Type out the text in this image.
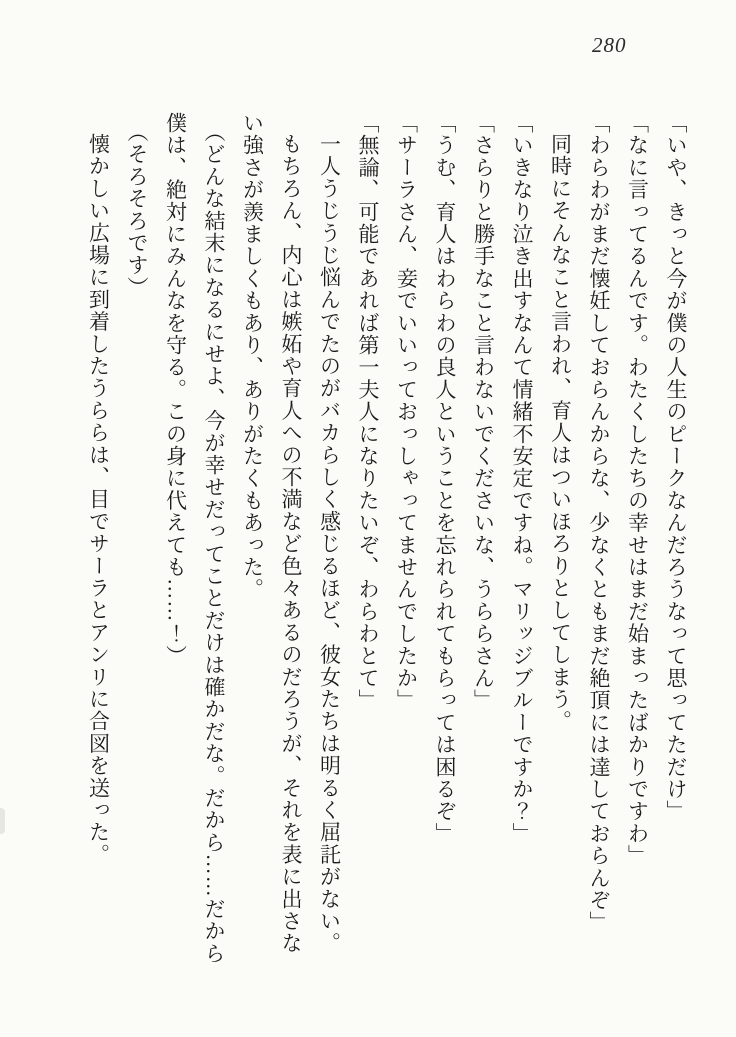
280

「いや、きっと今が僕の人生のピークなんだろうなって思ってただけ」

「なに言ってるんです。わたくしたちの幸せはまだ始まったばかりですわ」

「わらわがまだ懐妊しておらんからな、少なくともまだ絶頂には達しておらんぞ」

同時にそんなこと言われ、育人はついほろりとしてしまう。

「いきなり泣き出すなんて情緒不安定ですね。マリッジブルーですか？」

「さらりと勝手なこと言わないでくださいな、うららさん」

「うむ、育人はわらわの良人ということを忘れられてもらっては困るぞ」

「サーラさん、妾でいいっておっしゃってませんでしたか」

「無論、可能であれば第一夫人になりたいぞ、わらわとて」

一人うじうじ悩んでたのがバカらしく感じるほど、彼女たちは明るく屈託がない。

もちろん、内心は嫉妬や育人への不満など色々あるのだろうが、それを表に出さない強さが羨ましくもあり、ありがたくもあった。

（どんな結末になるにせよ、今が幸せだってことだけは確かだな。だから……だから僕は、絶対にみんなを守る。この身に代えても……！）

（そろそろです）

懐かしい広場に到着したうららは、目でサーラとアンリに合図を送った。
